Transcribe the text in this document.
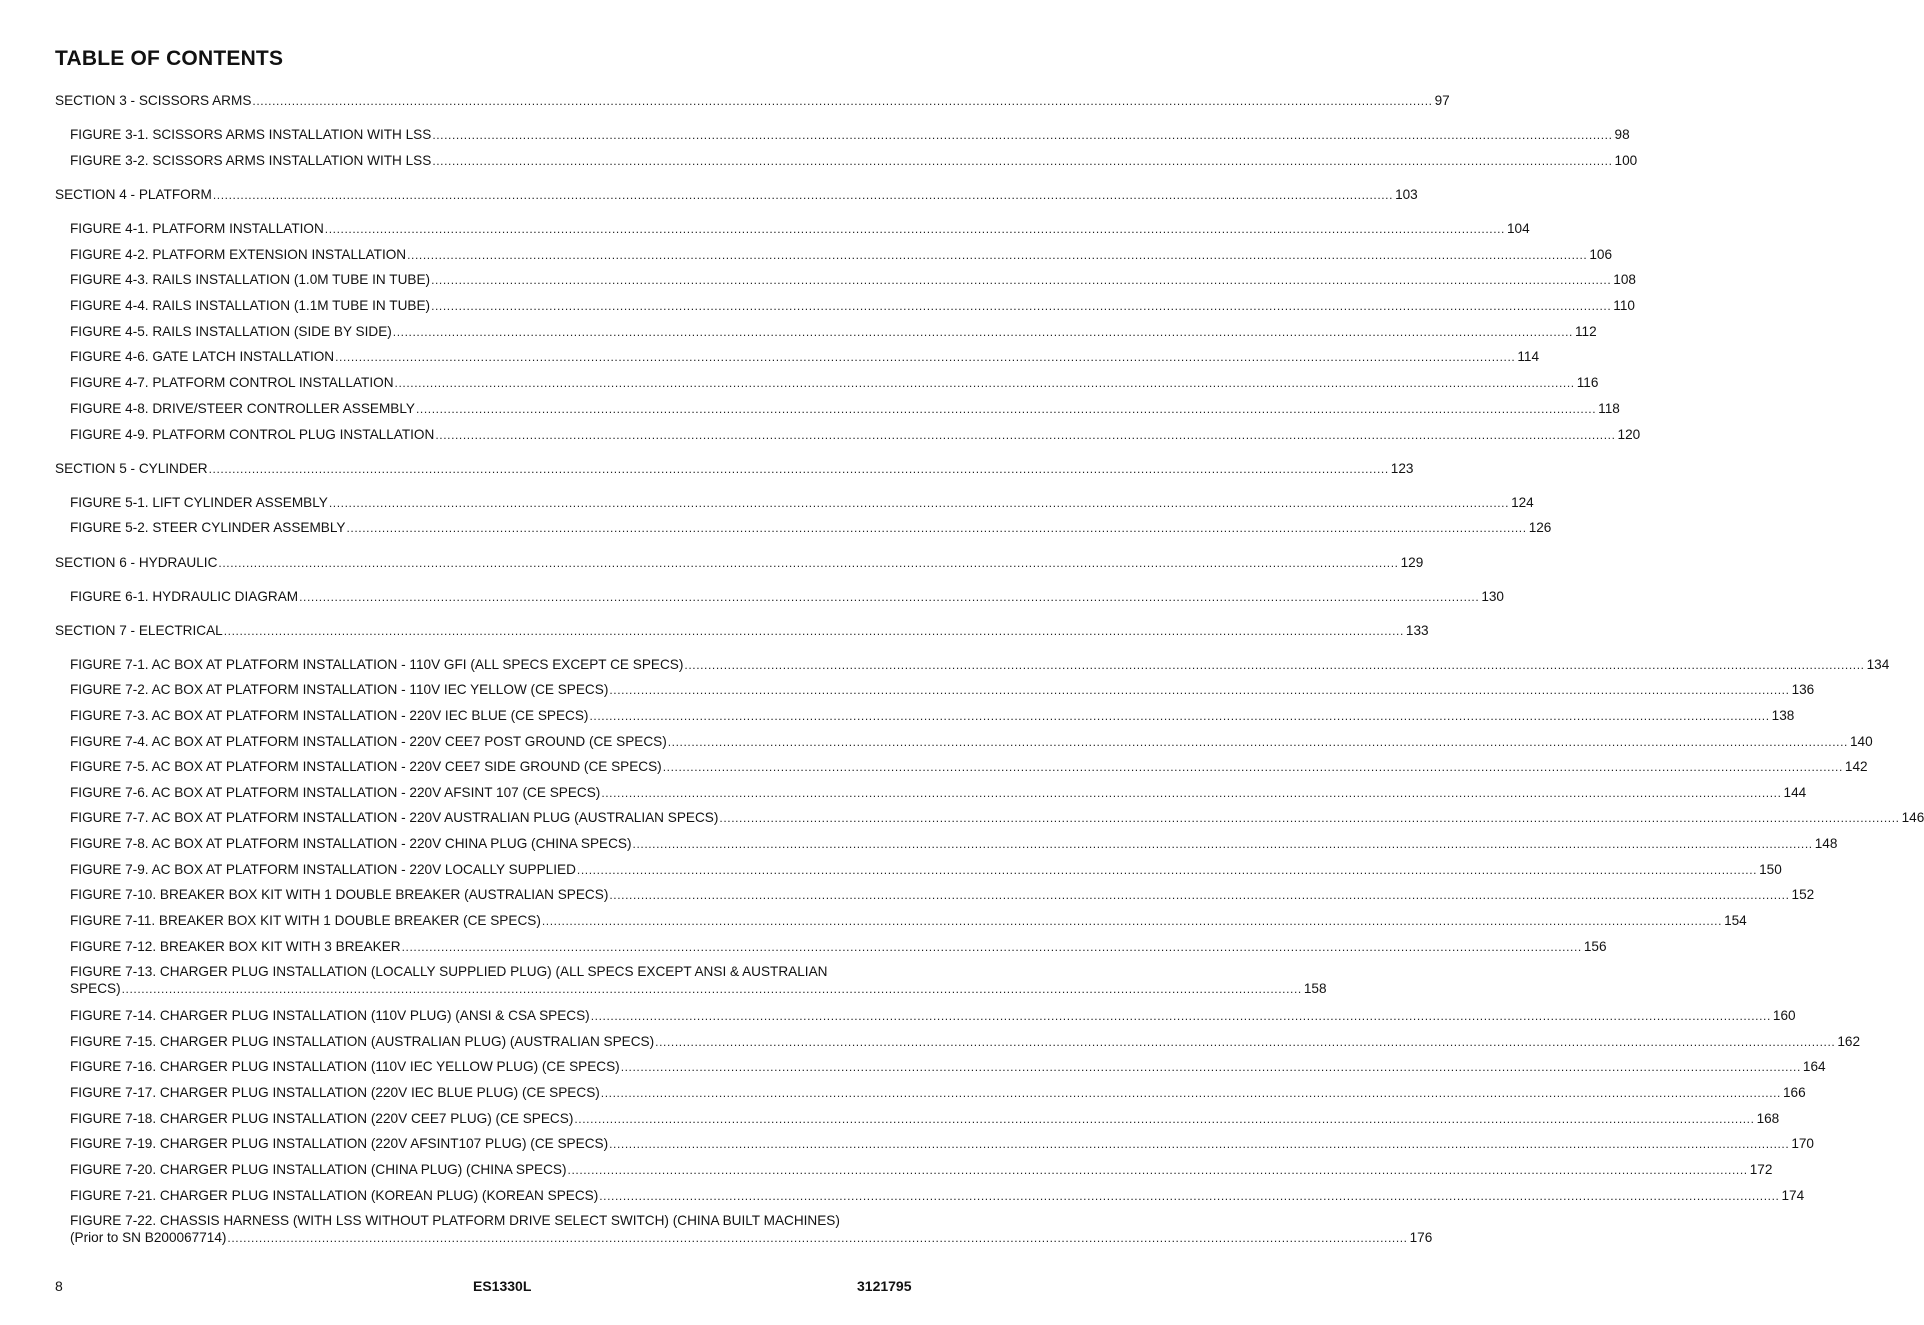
TABLE OF CONTENTS
SECTION 3 - SCISSORS ARMS ............................................................................................................................................................................................................................................................................................................ 97
FIGURE 3-1. SCISSORS ARMS INSTALLATION WITH LSS ............................................................................................................................................................................................................................................................................................................ 98
FIGURE 3-2. SCISSORS ARMS INSTALLATION WITH LSS ............................................................................................................................................................................................................................................................................................................ 100
SECTION 4 - PLATFORM ............................................................................................................................................................................................................................................................................................................ 103
FIGURE 4-1. PLATFORM INSTALLATION ............................................................................................................................................................................................................................................................................................................ 104
FIGURE 4-2. PLATFORM EXTENSION INSTALLATION ............................................................................................................................................................................................................................................................................................................ 106
FIGURE 4-3. RAILS INSTALLATION (1.0M TUBE IN TUBE) ............................................................................................................................................................................................................................................................................................................ 108
FIGURE 4-4. RAILS INSTALLATION (1.1M TUBE IN TUBE) ............................................................................................................................................................................................................................................................................................................ 110
FIGURE 4-5. RAILS INSTALLATION (SIDE BY SIDE) ............................................................................................................................................................................................................................................................................................................ 112
FIGURE 4-6. GATE LATCH INSTALLATION ............................................................................................................................................................................................................................................................................................................ 114
FIGURE 4-7. PLATFORM CONTROL INSTALLATION ............................................................................................................................................................................................................................................................................................................ 116
FIGURE 4-8. DRIVE/STEER CONTROLLER ASSEMBLY ............................................................................................................................................................................................................................................................................................................ 118
FIGURE 4-9. PLATFORM CONTROL PLUG INSTALLATION ............................................................................................................................................................................................................................................................................................................ 120
SECTION 5 - CYLINDER ............................................................................................................................................................................................................................................................................................................ 123
FIGURE 5-1. LIFT CYLINDER ASSEMBLY ............................................................................................................................................................................................................................................................................................................ 124
FIGURE 5-2. STEER CYLINDER ASSEMBLY ............................................................................................................................................................................................................................................................................................................ 126
SECTION 6 - HYDRAULIC ............................................................................................................................................................................................................................................................................................................ 129
FIGURE 6-1. HYDRAULIC DIAGRAM ............................................................................................................................................................................................................................................................................................................ 130
SECTION 7 - ELECTRICAL ............................................................................................................................................................................................................................................................................................................ 133
FIGURE 7-1. AC BOX AT PLATFORM INSTALLATION - 110V GFI (ALL SPECS EXCEPT CE SPECS) ............................................................................................................................................................................................................................................................................................................ 134
FIGURE 7-2. AC BOX AT PLATFORM INSTALLATION - 110V IEC YELLOW (CE SPECS) ............................................................................................................................................................................................................................................................................................................ 136
FIGURE 7-3. AC BOX AT PLATFORM INSTALLATION - 220V IEC BLUE (CE SPECS) ............................................................................................................................................................................................................................................................................................................ 138
FIGURE 7-4. AC BOX AT PLATFORM INSTALLATION - 220V CEE7 POST GROUND (CE SPECS) ............................................................................................................................................................................................................................................................................................................ 140
FIGURE 7-5. AC BOX AT PLATFORM INSTALLATION - 220V CEE7 SIDE GROUND (CE SPECS) ............................................................................................................................................................................................................................................................................................................ 142
FIGURE 7-6. AC BOX AT PLATFORM INSTALLATION - 220V AFSINT 107 (CE SPECS) ............................................................................................................................................................................................................................................................................................................ 144
FIGURE 7-7. AC BOX AT PLATFORM INSTALLATION - 220V AUSTRALIAN PLUG (AUSTRALIAN SPECS) ............................................................................................................................................................................................................................................................................................................ 146
FIGURE 7-8. AC BOX AT PLATFORM INSTALLATION - 220V CHINA PLUG (CHINA SPECS) ............................................................................................................................................................................................................................................................................................................ 148
FIGURE 7-9. AC BOX AT PLATFORM INSTALLATION - 220V LOCALLY SUPPLIED ............................................................................................................................................................................................................................................................................................................ 150
FIGURE 7-10. BREAKER BOX KIT WITH 1 DOUBLE BREAKER (AUSTRALIAN SPECS) ............................................................................................................................................................................................................................................................................................................ 152
FIGURE 7-11. BREAKER BOX KIT WITH 1 DOUBLE BREAKER (CE SPECS) ............................................................................................................................................................................................................................................................................................................ 154
FIGURE 7-12. BREAKER BOX KIT WITH 3 BREAKER ............................................................................................................................................................................................................................................................................................................ 156
FIGURE 7-13. CHARGER PLUG INSTALLATION (LOCALLY SUPPLIED PLUG) (ALL SPECS EXCEPT ANSI & AUSTRALIAN
SPECS) ............................................................................................................................................................................................................................................................................................................ 158
FIGURE 7-14. CHARGER PLUG INSTALLATION (110V PLUG) (ANSI & CSA SPECS) ............................................................................................................................................................................................................................................................................................................ 160
FIGURE 7-15. CHARGER PLUG INSTALLATION (AUSTRALIAN PLUG) (AUSTRALIAN SPECS) ............................................................................................................................................................................................................................................................................................................ 162
FIGURE 7-16. CHARGER PLUG INSTALLATION (110V IEC YELLOW PLUG) (CE SPECS) ............................................................................................................................................................................................................................................................................................................ 164
FIGURE 7-17. CHARGER PLUG INSTALLATION (220V IEC BLUE PLUG) (CE SPECS) ............................................................................................................................................................................................................................................................................................................ 166
FIGURE 7-18. CHARGER PLUG INSTALLATION (220V CEE7 PLUG) (CE SPECS) ............................................................................................................................................................................................................................................................................................................ 168
FIGURE 7-19. CHARGER PLUG INSTALLATION (220V AFSINT107 PLUG) (CE SPECS) ............................................................................................................................................................................................................................................................................................................ 170
FIGURE 7-20. CHARGER PLUG INSTALLATION (CHINA PLUG) (CHINA SPECS) ............................................................................................................................................................................................................................................................................................................ 172
FIGURE 7-21. CHARGER PLUG INSTALLATION (KOREAN PLUG) (KOREAN SPECS) ............................................................................................................................................................................................................................................................................................................ 174
FIGURE 7-22. CHASSIS HARNESS (WITH LSS WITHOUT PLATFORM DRIVE SELECT SWITCH) (CHINA BUILT MACHINES)
(Prior to SN B200067714) ............................................................................................................................................................................................................................................................................................................ 176
8	ES1330L	3121795
